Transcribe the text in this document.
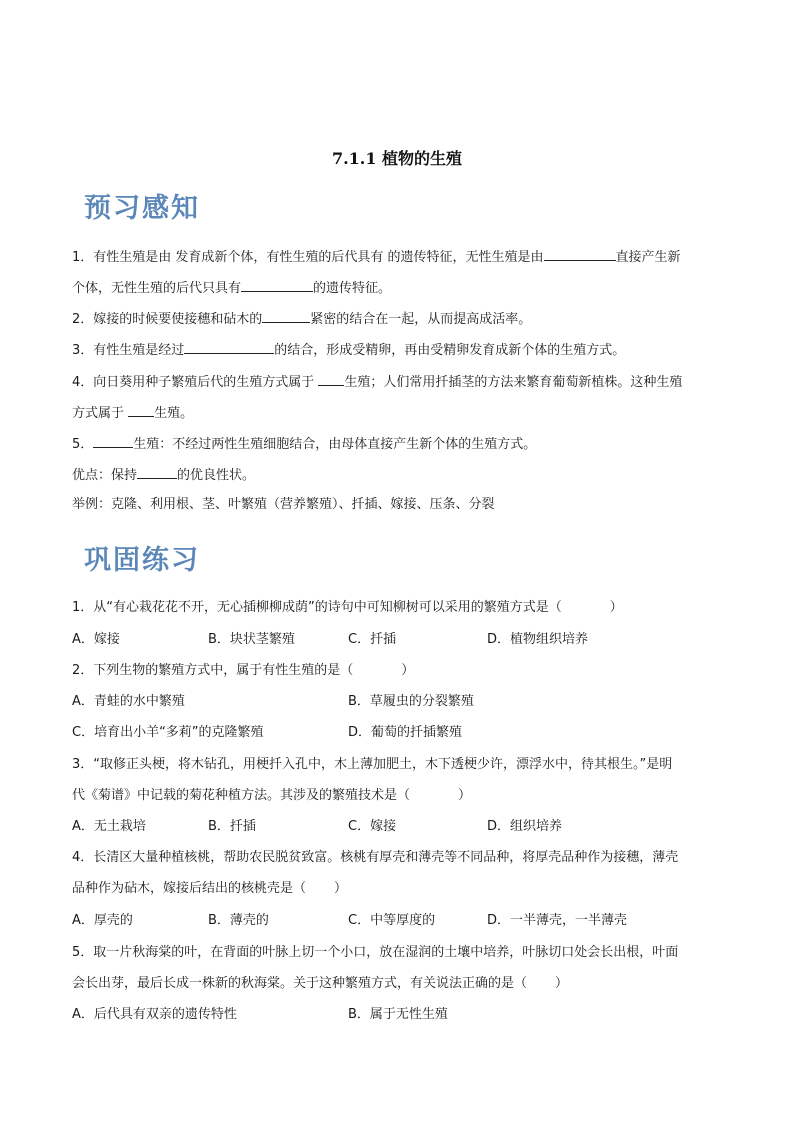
7.1.1 植物的生殖
预习感知
1．有性生殖是由 发育成新个体，有性生殖的后代具有 的遗传特征，无性生殖是由	直接产生新
个体，无性生殖的后代只具有	的遗传特征。
2．嫁接的时候要使接穗和砧木的	紧密的结合在一起，从而提高成活率。
3．有性生殖是经过	的结合，形成受精卵，再由受精卵发育成新个体的生殖方式。
4．向日葵用种子繁殖后代的生殖方式属于 生殖；人们常用扦插茎的方法来繁育葡萄新植株。这种生殖
方式属于 生殖。
5．	生殖：不经过两性生殖细胞结合，由母体直接产生新个体的生殖方式。
优点：保持	的优良性状。
举例：克隆、利用根、茎、叶繁殖（营养繁殖）、扦插、嫁接、压条、分裂
巩固练习
1．从“有心栽花花不开，无心插柳柳成荫”的诗句中可知柳树可以采用的繁殖方式是（	）
A．嫁接	B．块状茎繁殖	C．扦插	D．植物组织培养
2．下列生物的繁殖方式中，属于有性生殖的是（	）
A．青蛙的水中繁殖	B．草履虫的分裂繁殖
C．培育出小羊“多莉”的克隆繁殖	D．葡萄的扦插繁殖
3．“取修正头梗，将木钻孔，用梗扦入孔中，木上薄加肥土，木下透梗少许，漂浮水中，待其根生。”是明
代《菊谱》中记载的菊花种植方法。其涉及的繁殖技术是（	）
A．无土栽培	B．扦插	C．嫁接	D．组织培养
4．长清区大量种植核桃，帮助农民脱贫致富。核桃有厚壳和薄壳等不同品种，将厚壳品种作为接穗，薄壳
品种作为砧木，嫁接后结出的核桃壳是（ ）
A．厚壳的	B．薄壳的	C．中等厚度的	D．一半薄壳，一半薄壳
5．取一片秋海棠的叶，在背面的叶脉上切一个小口，放在湿润的土壤中培养，叶脉切口处会长出根，叶面
会长出芽，最后长成一株新的秋海棠。关于这种繁殖方式，有关说法正确的是（ ）
A．后代具有双亲的遗传特性	B．属于无性生殖
